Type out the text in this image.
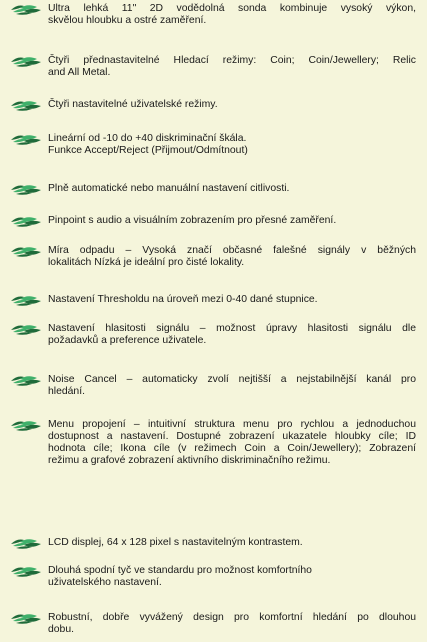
Ultra lehká 11" 2D vodědolná sonda kombinuje vysoký výkon,
skvělou hloubku a ostré zaměření.
Čtyři přednastavitelné Hledací režimy: Coin; Coin/Jewellery; Relic
and All Metal.
Čtyři nastavitelné uživatelské režimy.
Lineární od -10 do +40 diskriminační škála.
Funkce Accept/Reject (Přijmout/Odmítnout)
Plně automatické nebo manuální nastavení citlivosti.
Pinpoint s audio a visuálním zobrazením pro přesné zaměření.
Míra odpadu – Vysoká značí občasné falešné signály v běžných
lokalitách Nízká je ideální pro čisté lokality.
Nastavení Thresholdu na úroveň mezi 0-40 dané stupnice.
Nastavení hlasitosti signálu – možnost úpravy hlasitosti signálu dle
požadavků a preference uživatele.
Noise Cancel – automaticky zvolí nejtišší a nejstabilnější kanál pro
hledání.
Menu propojení – intuitivní struktura menu pro rychlou a jednoduchou
dostupnost a nastavení. Dostupné zobrazení ukazatele hloubky cíle; ID
hodnota cíle; Ikona cíle (v režimech Coin a Coin/Jewellery); Zobrazení
režimu a grafové zobrazení aktivního diskriminačního režimu.
LCD displej, 64 x 128 pixel s nastavitelným kontrastem.
Dlouhá spodní tyč ve standardu pro možnost komfortního
uživatelského nastavení.
Robustní, dobře vyvážený design pro komfortní hledání po dlouhou
dobu.
